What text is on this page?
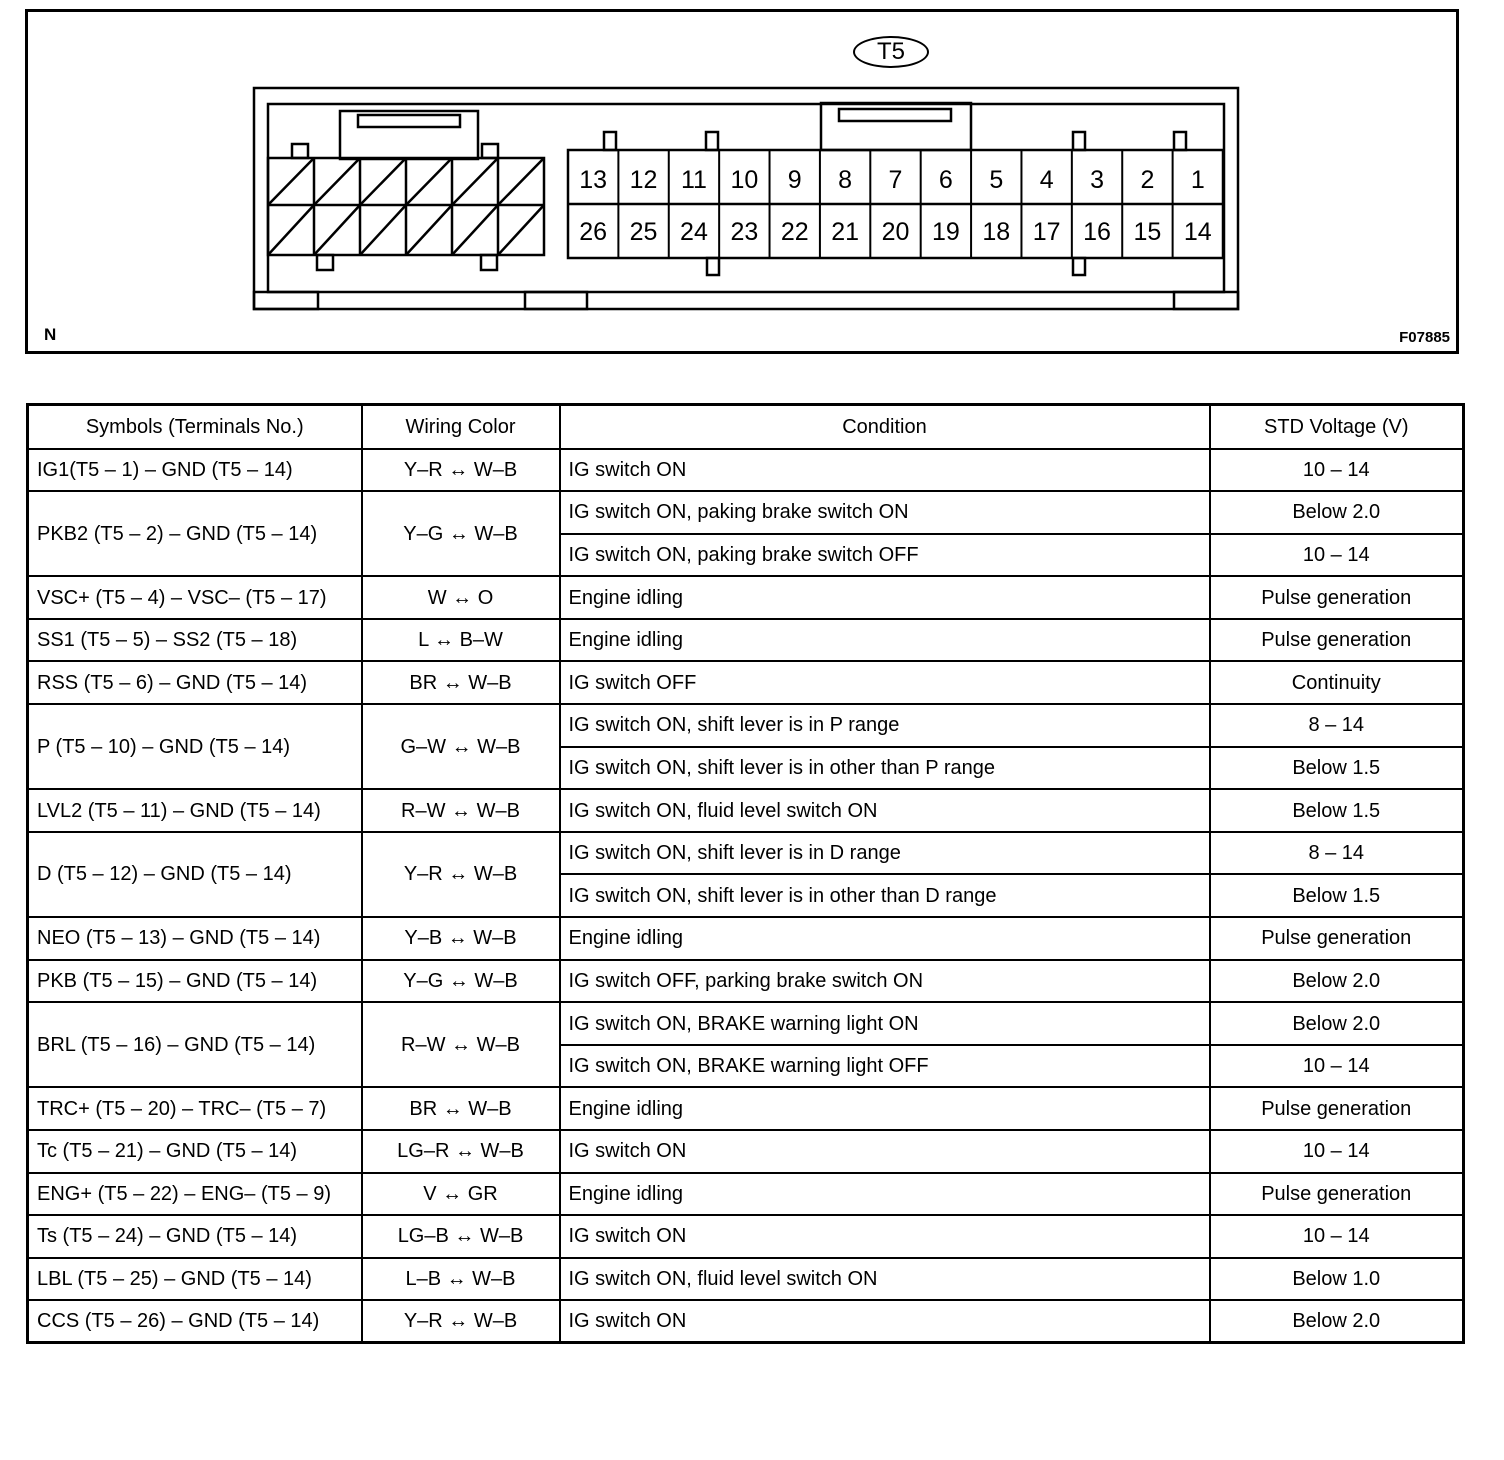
T5
13 12 11 10 9 8 7 6 5 4 3 2 1
26 25 24 23 22 21 20 19 18 17 16 15 14
N	F07885
Symbols (Terminals No.)	Wiring Color	Condition	STD Voltage (V)
IG1(T5 – 1) – GND (T5 – 14)	Y–R ↔ W–B	IG switch ON	10 – 14
PKB2 (T5 – 2) – GND (T5 – 14)	Y–G ↔ W–B	IG switch ON, paking brake switch ON	Below 2.0
		IG switch ON, paking brake switch OFF	10 – 14
VSC+ (T5 – 4) – VSC– (T5 – 17)	W ↔ O	Engine idling	Pulse generation
SS1 (T5 – 5) – SS2 (T5 – 18)	L ↔ B–W	Engine idling	Pulse generation
RSS (T5 – 6) – GND (T5 – 14)	BR ↔ W–B	IG switch OFF	Continuity
P (T5 – 10) – GND (T5 – 14)	G–W ↔ W–B	IG switch ON, shift lever is in P range	8 – 14
		IG switch ON, shift lever is in other than P range	Below 1.5
LVL2 (T5 – 11) – GND (T5 – 14)	R–W ↔ W–B	IG switch ON, fluid level switch ON	Below 1.5
D (T5 – 12) – GND (T5 – 14)	Y–R ↔ W–B	IG switch ON, shift lever is in D range	8 – 14
		IG switch ON, shift lever is in other than D range	Below 1.5
NEO (T5 – 13) – GND (T5 – 14)	Y–B ↔ W–B	Engine idling	Pulse generation
PKB (T5 – 15) – GND (T5 – 14)	Y–G ↔ W–B	IG switch OFF, parking brake switch ON	Below 2.0
BRL (T5 – 16) – GND (T5 – 14)	R–W ↔ W–B	IG switch ON, BRAKE warning light ON	Below 2.0
		IG switch ON, BRAKE warning light OFF	10 – 14
TRC+ (T5 – 20) – TRC– (T5 – 7)	BR ↔ W–B	Engine idling	Pulse generation
Tc (T5 – 21) – GND (T5 – 14)	LG–R ↔ W–B	IG switch ON	10 – 14
ENG+ (T5 – 22) – ENG– (T5 – 9)	V ↔ GR	Engine idling	Pulse generation
Ts (T5 – 24) – GND (T5 – 14)	LG–B ↔ W–B	IG switch ON	10 – 14
LBL (T5 – 25) – GND (T5 – 14)	L–B ↔ W–B	IG switch ON, fluid level switch ON	Below 1.0
CCS (T5 – 26) – GND (T5 – 14)	Y–R ↔ W–B	IG switch ON	Below 2.0
